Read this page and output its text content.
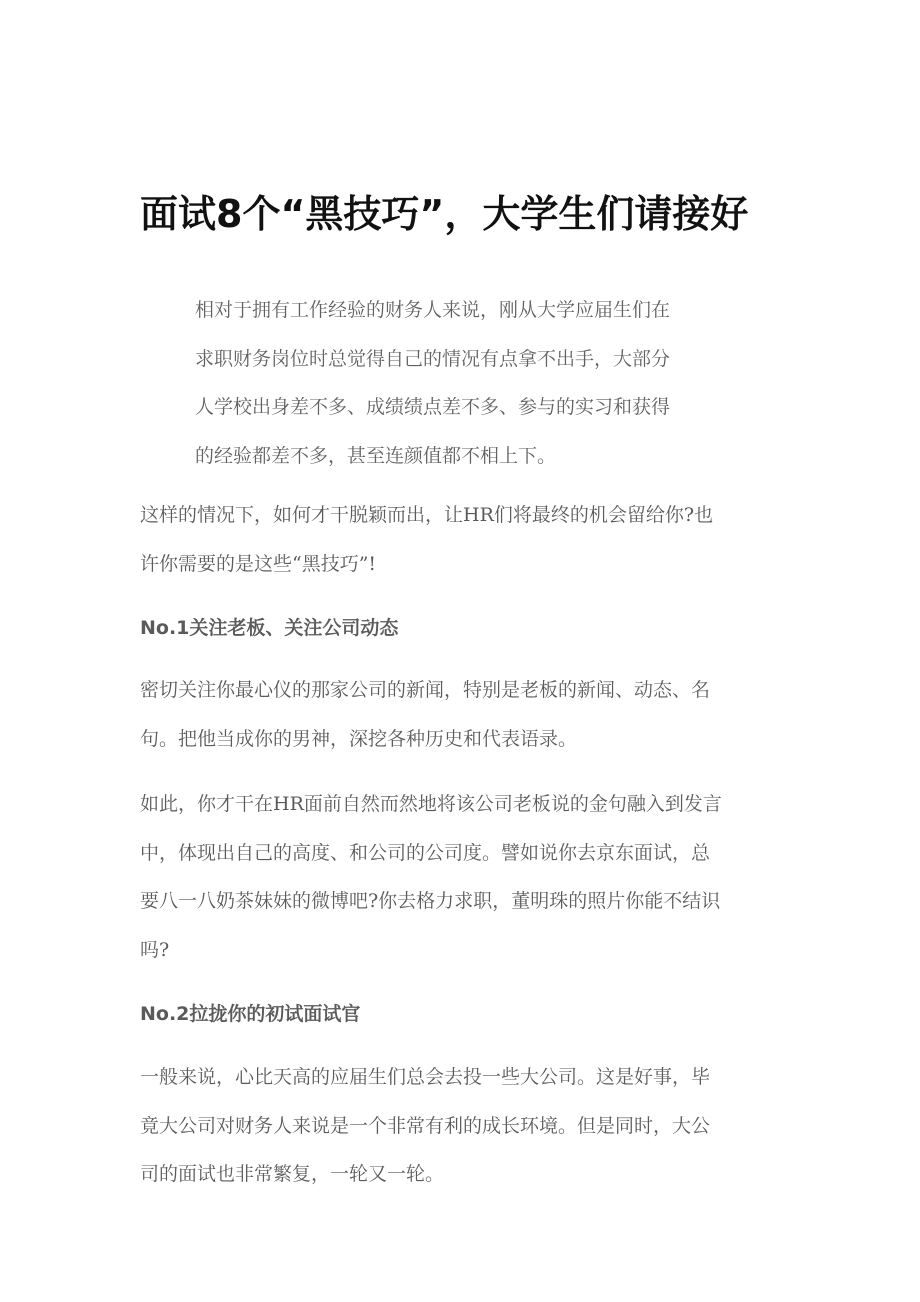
面试8个“黑技巧”，大学生们请接好
相对于拥有工作经验的财务人来说，刚从大学应届生们在
求职财务岗位时总觉得自己的情况有点拿不出手，大部分
人学校出身差不多、成绩绩点差不多、参与的实习和获得
的经验都差不多，甚至连颜值都不相上下。
这样的情况下，如何才干脱颖而出，让HR们将最终的机会留给你?也
许你需要的是这些“黑技巧”!
No.1关注老板、关注公司动态
密切关注你最心仪的那家公司的新闻，特别是老板的新闻、动态、名
句。把他当成你的男神，深挖各种历史和代表语录。
如此，你才干在HR面前自然而然地将该公司老板说的金句融入到发言
中，体现出自己的高度、和公司的公司度。譬如说你去京东面试，总
要八一八奶茶妹妹的微博吧?你去格力求职，董明珠的照片你能不结识
吗?
No.2拉拢你的初试面试官
一般来说，心比天高的应届生们总会去投一些大公司。这是好事，毕
竟大公司对财务人来说是一个非常有利的成长环境。但是同时，大公
司的面试也非常繁复，一轮又一轮。
